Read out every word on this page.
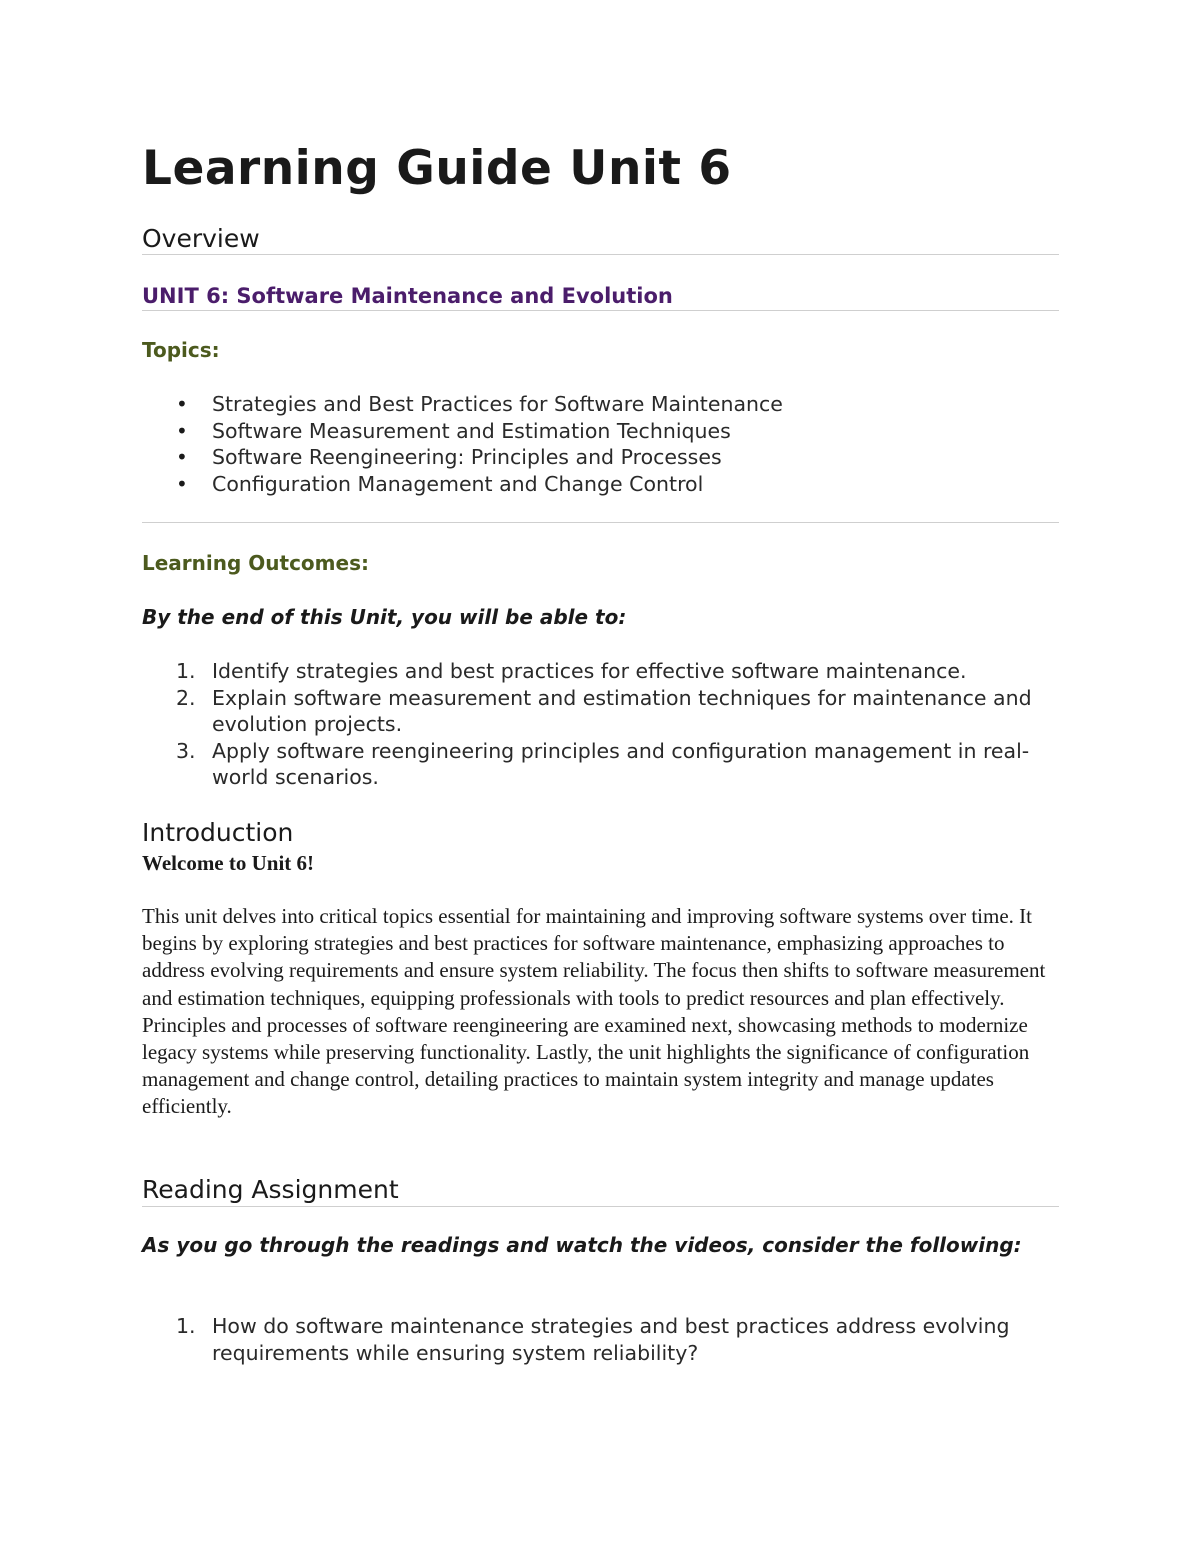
Learning Guide Unit 6
Overview
UNIT 6: Software Maintenance and Evolution
Topics:
• Strategies and Best Practices for Software Maintenance
• Software Measurement and Estimation Techniques
• Software Reengineering: Principles and Processes
• Configuration Management and Change Control
Learning Outcomes:

By the end of this Unit, you will be able to:

1. Identify strategies and best practices for effective software maintenance.
2. Explain software measurement and estimation techniques for maintenance and evolution projects.
3. Apply software reengineering principles and configuration management in real-world scenarios.
Introduction

Welcome to Unit 6!

This unit delves into critical topics essential for maintaining and improving software systems over time. It begins by exploring strategies and best practices for software maintenance, emphasizing approaches to address evolving requirements and ensure system reliability. The focus then shifts to software measurement and estimation techniques, equipping professionals with tools to predict resources and plan effectively. Principles and processes of software reengineering are examined next, showcasing methods to modernize legacy systems while preserving functionality. Lastly, the unit highlights the significance of configuration management and change control, detailing practices to maintain system integrity and manage updates efficiently.

Reading Assignment

As you go through the readings and watch the videos, consider the following:

1. How do software maintenance strategies and best practices address evolving requirements while ensuring system reliability?
